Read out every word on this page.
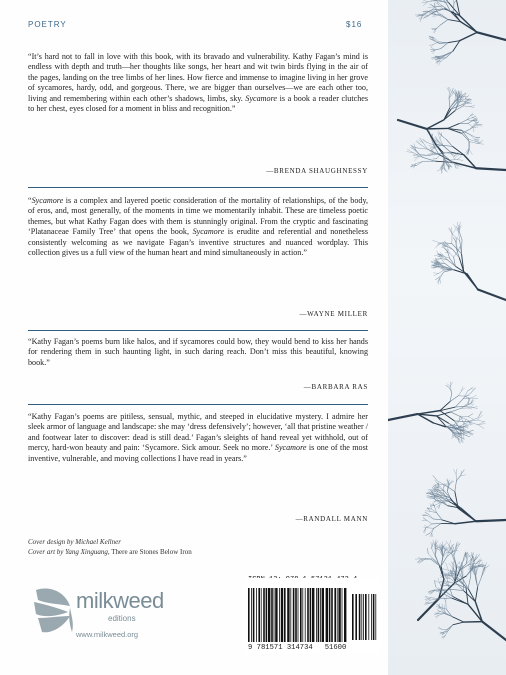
POETRY	$16
“It’s hard not to fall in love with this book, with its bravado and vulnerability. Kathy Fagan’s mind is endless with depth and truth—her thoughts like songs, her heart and wit twin birds flying in the air of the pages, landing on the tree limbs of her lines. How fierce and immense to imagine living in her grove of sycamores, hardy, odd, and gorgeous. There, we are bigger than ourselves—we are each other too, living and remembering within each other’s shadows, limbs, sky. Sycamore is a book a reader clutches to her chest, eyes closed for a moment in bliss and recognition.”
—BRENDA SHAUGHNESSY
“Sycamore is a complex and layered poetic consideration of the mortality of relationships, of the body, of eros, and, most generally, of the moments in time we momentarily inhabit. These are timeless poetic themes, but what Kathy Fagan does with them is stunningly original. From the cryptic and fascinating ‘Platanaceae Family Tree’ that opens the book, Sycamore is erudite and referential and nonetheless consistently welcoming as we navigate Fagan’s inventive structures and nuanced wordplay. This collection gives us a full view of the human heart and mind simultaneously in action.”
—WAYNE MILLER
“Kathy Fagan’s poems burn like halos, and if sycamores could bow, they would bend to kiss her hands for rendering them in such haunting light, in such daring reach. Don’t miss this beautiful, knowing book.”
—BARBARA RAS
“Kathy Fagan’s poems are pitiless, sensual, mythic, and steeped in elucidative mystery. I admire her sleek armor of language and landscape: she may ‘dress defensively’; however, ‘all that pristine weather / and footwear later to discover: dead is still dead.’ Fagan’s sleights of hand reveal yet withhold, out of mercy, hard-won beauty and pain: ‘Sycamore. Sick amour. Seek no more.’ Sycamore is one of the most inventive, vulnerable, and moving collections I have read in years.”
—RANDALL MANN
Cover design by Michael Kellner
Cover art by Yang Xinguang, There are Stones Below Iron
milkweed
editions
www.milkweed.org
ISBN-13: 978-1-57131-473-4
9 781571 314734 51600
